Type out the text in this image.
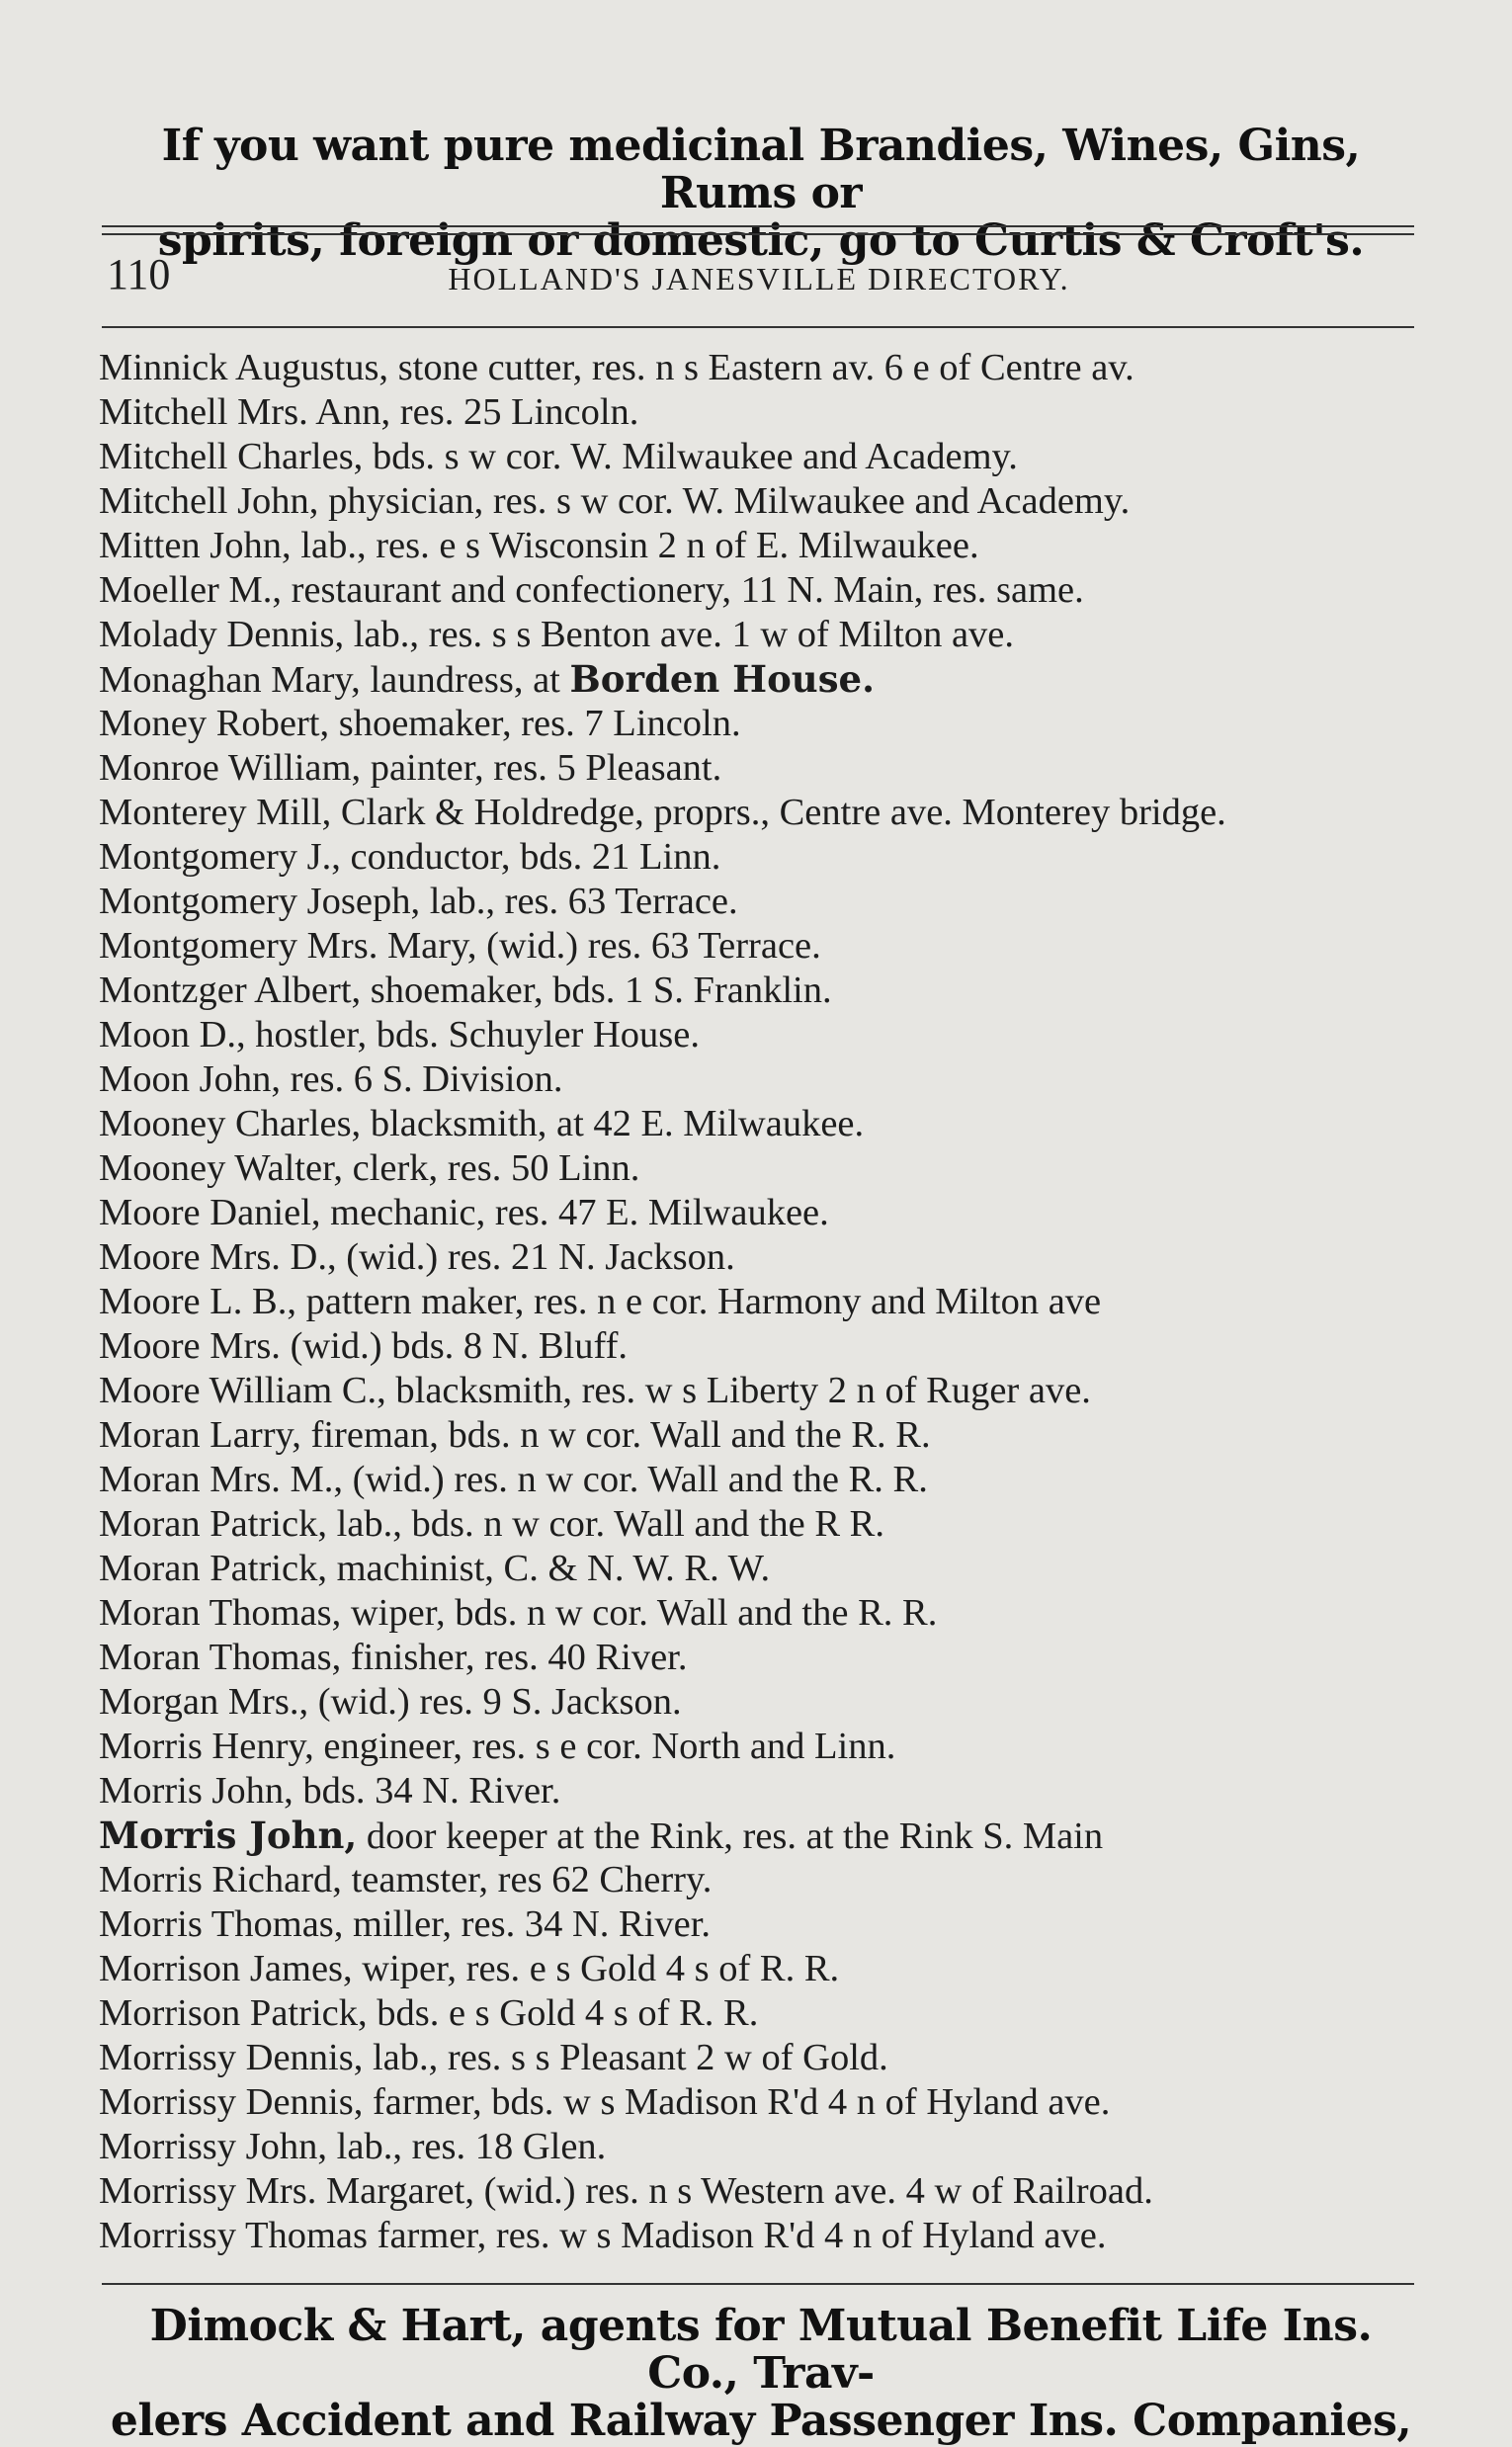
If you want pure medicinal Brandies, Wines, Gins, Rums or
spirits, foreign or domestic, go to Curtis & Croft's.
110	HOLLAND'S JANESVILLE DIRECTORY.
Minnick Augustus, stone cutter, res. n s Eastern av. 6 e of Centre av.
Mitchell Mrs. Ann, res. 25 Lincoln.
Mitchell Charles, bds. s w cor. W. Milwaukee and Academy.
Mitchell John, physician, res. s w cor. W. Milwaukee and Academy.
Mitten John, lab., res. e s Wisconsin 2 n of E. Milwaukee.
Moeller M., restaurant and confectionery, 11 N. Main, res. same.
Molady Dennis, lab., res. s s Benton ave. 1 w of Milton ave.
Monaghan Mary, laundress, at Borden House.
Money Robert, shoemaker, res. 7 Lincoln.
Monroe William, painter, res. 5 Pleasant.
Monterey Mill, Clark & Holdredge, proprs., Centre ave. Monterey bridge.
Montgomery J., conductor, bds. 21 Linn.
Montgomery Joseph, lab., res. 63 Terrace.
Montgomery Mrs. Mary, (wid.) res. 63 Terrace.
Montzger Albert, shoemaker, bds. 1 S. Franklin.
Moon D., hostler, bds. Schuyler House.
Moon John, res. 6 S. Division.
Mooney Charles, blacksmith, at 42 E. Milwaukee.
Mooney Walter, clerk, res. 50 Linn.
Moore Daniel, mechanic, res. 47 E. Milwaukee.
Moore Mrs. D., (wid.) res. 21 N. Jackson.
Moore L. B., pattern maker, res. n e cor. Harmony and Milton ave
Moore Mrs. (wid.) bds. 8 N. Bluff.
Moore William C., blacksmith, res. w s Liberty 2 n of Ruger ave.
Moran Larry, fireman, bds. n w cor. Wall and the R. R.
Moran Mrs. M., (wid.) res. n w cor. Wall and the R. R.
Moran Patrick, lab., bds. n w cor. Wall and the R R.
Moran Patrick, machinist, C. & N. W. R. W.
Moran Thomas, wiper, bds. n w cor. Wall and the R. R.
Moran Thomas, finisher, res. 40 River.
Morgan Mrs., (wid.) res. 9 S. Jackson.
Morris Henry, engineer, res. s e cor. North and Linn.
Morris John, bds. 34 N. River.
Morris John, door keeper at the Rink, res. at the Rink S. Main
Morris Richard, teamster, res 62 Cherry.
Morris Thomas, miller, res. 34 N. River.
Morrison James, wiper, res. e s Gold 4 s of R. R.
Morrison Patrick, bds. e s Gold 4 s of R. R.
Morrissy Dennis, lab., res. s s Pleasant 2 w of Gold.
Morrissy Dennis, farmer, bds. w s Madison R'd 4 n of Hyland ave.
Morrissy John, lab., res. 18 Glen.
Morrissy Mrs. Margaret, (wid.) res. n s Western ave. 4 w of Railroad.
Morrissy Thomas farmer, res. w s Madison R'd 4 n of Hyland ave.
Dimock & Hart, agents for Mutual Benefit Life Ins. Co., Trav-
elers Accident and Railway Passenger Ins. Companies,
